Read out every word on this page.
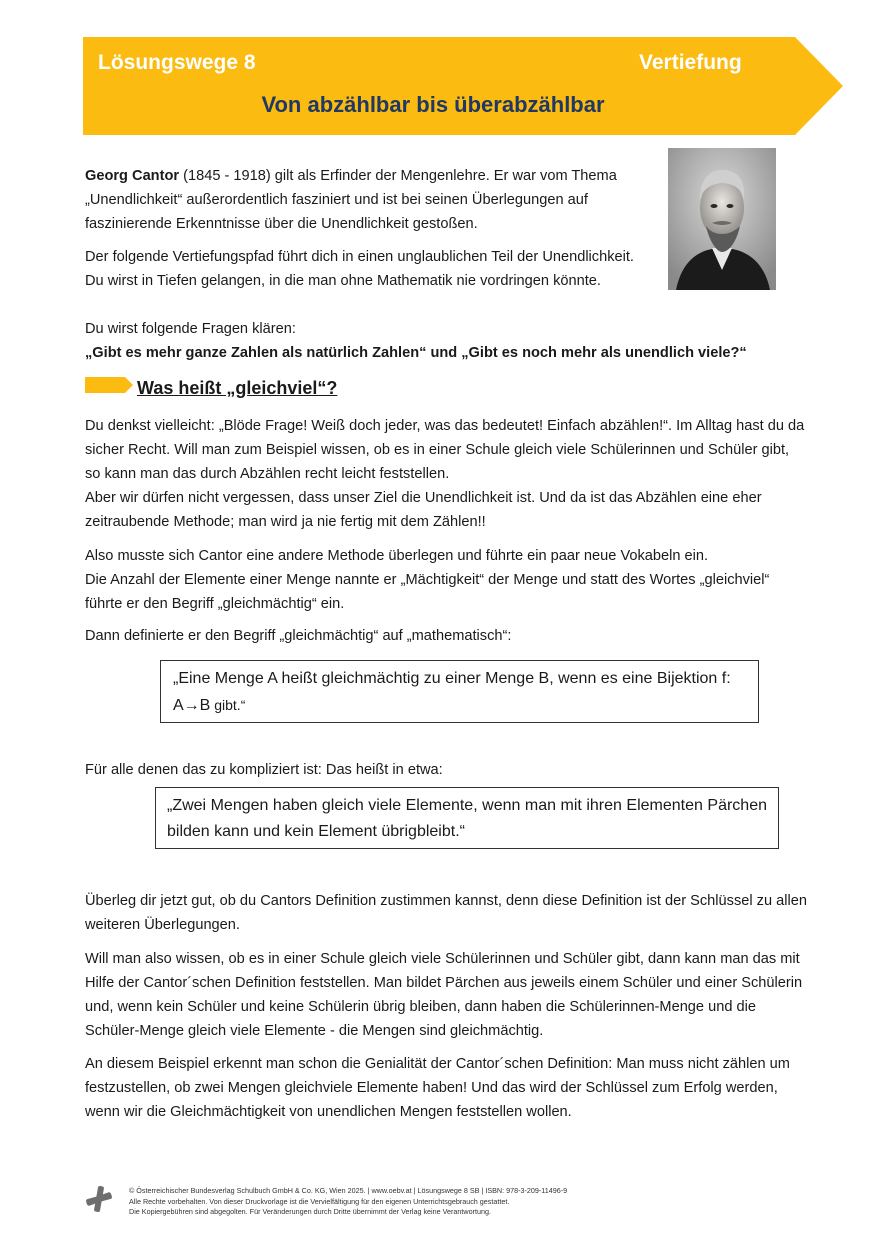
Lösungswege 8	Vertiefung
Von abzählbar bis überabzählbar
Georg Cantor (1845 - 1918) gilt als Erfinder der Mengenlehre. Er war vom Thema „Unendlichkeit“ außerordentlich fasziniert und ist bei seinen Überlegungen auf faszinierende Erkenntnisse über die Unendlichkeit gestoßen.
Der folgende Vertiefungspfad führt dich in einen unglaublichen Teil der Unendlichkeit. Du wirst in Tiefen gelangen, in die man ohne Mathematik nie vordringen könnte.
Du wirst folgende Fragen klären:
„Gibt es mehr ganze Zahlen als natürlich Zahlen“ und „Gibt es noch mehr als unendlich viele?“
Was heißt „gleichviel“?
Du denkst vielleicht: „Blöde Frage! Weiß doch jeder, was das bedeutet! Einfach abzählen!“. Im Alltag hast du da sicher Recht. Will man zum Beispiel wissen, ob es in einer Schule gleich viele Schülerinnen und Schüler gibt, so kann man das durch Abzählen recht leicht feststellen.
Aber wir dürfen nicht vergessen, dass unser Ziel die Unendlichkeit ist. Und da ist das Abzählen eine eher zeitraubende Methode; man wird ja nie fertig mit dem Zählen!!
Also musste sich Cantor eine andere Methode überlegen und führte ein paar neue Vokabeln ein.
Die Anzahl der Elemente einer Menge nannte er „Mächtigkeit“ der Menge und statt des Wortes „gleichviel“ führte er den Begriff „gleichmächtig“ ein.
Dann definierte er den Begriff „gleichmächtig“ auf „mathematisch“:
„Eine Menge A heißt gleichmächtig zu einer Menge B, wenn es eine Bijektion f: A→B gibt.“
Für alle denen das zu kompliziert ist: Das heißt in etwa:
„Zwei Mengen haben gleich viele Elemente, wenn man mit ihren Elementen Pärchen bilden kann und kein Element übrigbleibt.“
Überleg dir jetzt gut, ob du Cantors Definition zustimmen kannst, denn diese Definition ist der Schlüssel zu allen weiteren Überlegungen.
Will man also wissen, ob es in einer Schule gleich viele Schülerinnen und Schüler gibt, dann kann man das mit Hilfe der Cantor´schen Definition feststellen. Man bildet Pärchen aus jeweils einem Schüler und einer Schülerin und, wenn kein Schüler und keine Schülerin übrig bleiben, dann haben die Schülerinnen-Menge und die Schüler-Menge gleich viele Elemente - die Mengen sind gleichmächtig.
An diesem Beispiel erkennt man schon die Genialität der Cantor´schen Definition: Man muss nicht zählen um festzustellen, ob zwei Mengen gleichviele Elemente haben! Und das wird der Schlüssel zum Erfolg werden, wenn wir die Gleichmächtigkeit von unendlichen Mengen feststellen wollen.
© Österreichischer Bundesverlag Schulbuch GmbH & Co. KG, Wien 2025. | www.oebv.at | Lösungswege 8 SB | ISBN: 978-3-209-11496-9
Alle Rechte vorbehalten. Von dieser Druckvorlage ist die Vervielfältigung für den eigenen Unterrichtsgebrauch gestattet.
Die Kopiergebühren sind abgegolten. Für Veränderungen durch Dritte übernimmt der Verlag keine Verantwortung.
